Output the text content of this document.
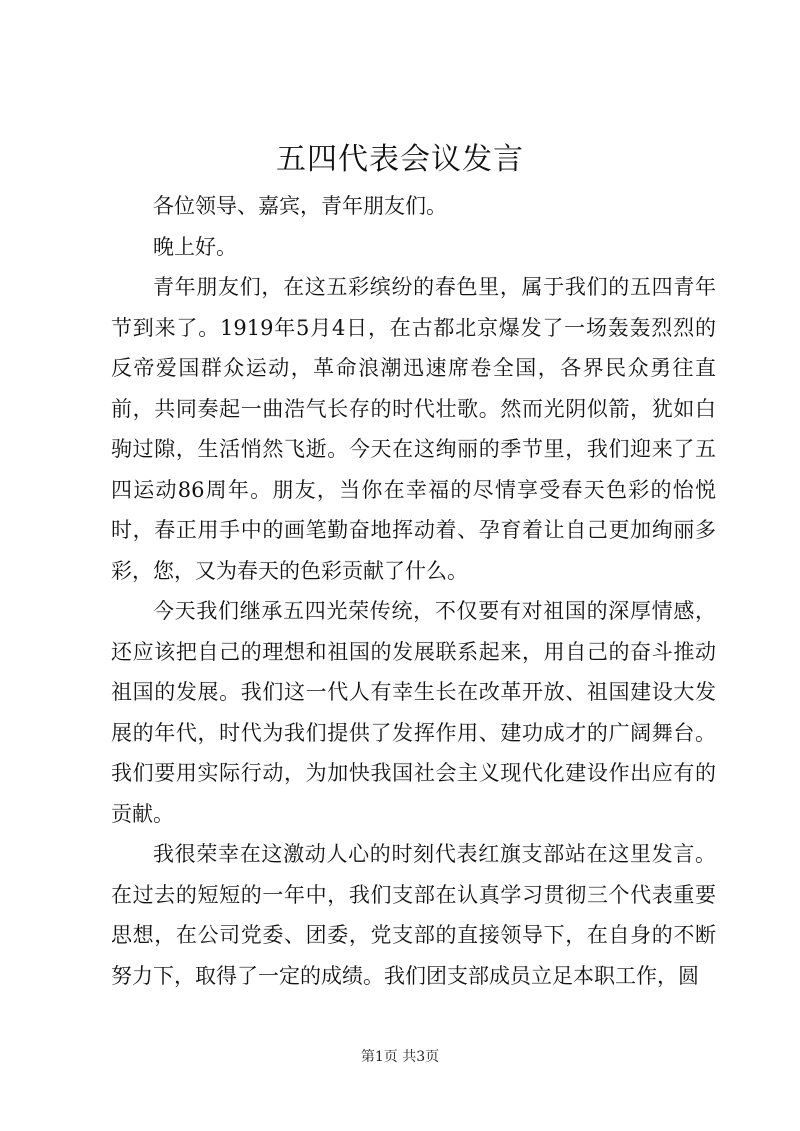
五四代表会议发言

各位领导、嘉宾，青年朋友们。

晚上好。

青年朋友们，在这五彩缤纷的春色里，属于我们的五四青年节到来了。1919年5月4日，在古都北京爆发了一场轰轰烈烈的反帝爱国群众运动，革命浪潮迅速席卷全国，各界民众勇往直前，共同奏起一曲浩气长存的时代壮歌。然而光阴似箭，犹如白驹过隙，生活悄然飞逝。今天在这绚丽的季节里，我们迎来了五四运动86周年。朋友，当你在幸福的尽情享受春天色彩的怡悦时，春正用手中的画笔勤奋地挥动着、孕育着让自己更加绚丽多彩，您，又为春天的色彩贡献了什么。

今天我们继承五四光荣传统，不仅要有对祖国的深厚情感，还应该把自己的理想和祖国的发展联系起来，用自己的奋斗推动祖国的发展。我们这一代人有幸生长在改革开放、祖国建设大发展的年代，时代为我们提供了发挥作用、建功成才的广阔舞台。我们要用实际行动，为加快我国社会主义现代化建设作出应有的贡献。

我很荣幸在这激动人心的时刻代表红旗支部站在这里发言。在过去的短短的一年中，我们支部在认真学习贯彻三个代表重要思想，在公司党委、团委，党支部的直接领导下，在自身的不断努力下，取得了一定的成绩。我们团支部成员立足本职工作，圆

第1页 共3页
